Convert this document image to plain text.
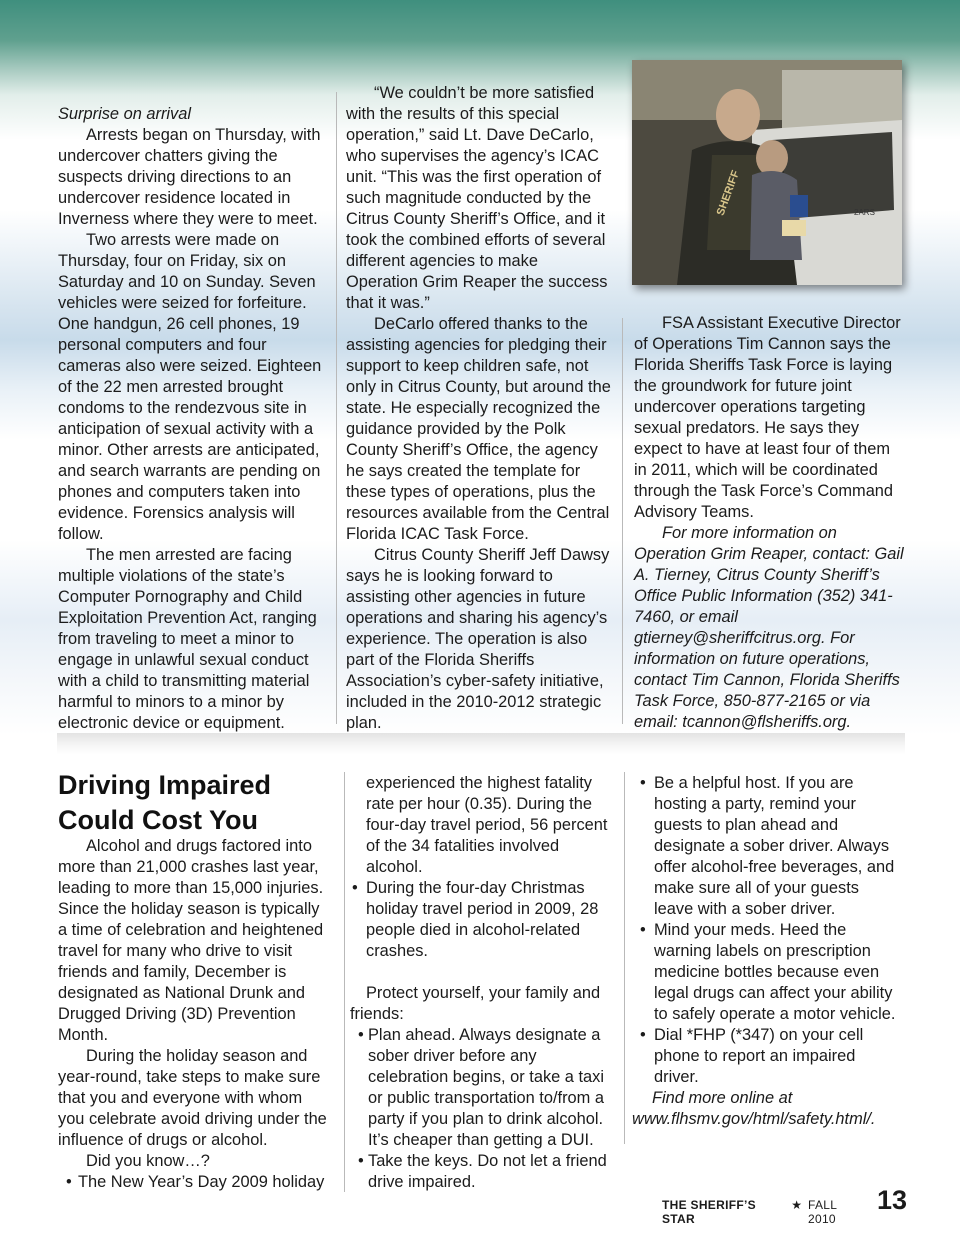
Surprise on arrival

Arrests began on Thursday, with undercover chatters giving the suspects driving directions to an undercover residence located in Inverness where they were to meet.

Two arrests were made on Thursday, four on Friday, six on Saturday and 10 on Sunday. Seven vehicles were seized for forfeiture. One handgun, 26 cell phones, 19 personal computers and four cameras also were seized. Eighteen of the 22 men arrested brought condoms to the rendezvous site in anticipation of sexual activity with a minor. Other arrests are anticipated, and search warrants are pending on phones and computers taken into evidence. Forensics analysis will follow.

The men arrested are facing multiple violations of the state’s Computer Pornography and Child Exploitation Prevention Act, ranging from traveling to meet a minor to engage in unlawful sexual conduct with a child to transmitting material harmful to minors to a minor by electronic device or equipment.

“We couldn’t be more satisfied with the results of this special operation,” said Lt. Dave DeCarlo, who supervises the agency’s ICAC unit. “This was the first operation of such magnitude conducted by the Citrus County Sheriff’s Office, and it took the combined efforts of several different agencies to make Operation Grim Reaper the success that it was.”

DeCarlo offered thanks to the assisting agencies for pledging their support to keep children safe, not only in Citrus County, but around the state. He especially recognized the guidance provided by the Polk County Sheriff’s Office, the agency he says created the template for these types of operations, plus the resources available from the Central Florida ICAC Task Force.

Citrus County Sheriff Jeff Dawsy says he is looking forward to assisting other agencies in future operations and sharing his agency’s experience. The operation is also part of the Florida Sheriffs Association’s cyber-safety initiative, included in the 2010-2012 strategic plan.

2ARS
SHERIFF

FSA Assistant Executive Director of Operations Tim Cannon says the Florida Sheriffs Task Force is laying the groundwork for future joint undercover operations targeting sexual predators. He says they expect to have at least four of them in 2011, which will be coordinated through the Task Force’s Command Advisory Teams.

For more information on Operation Grim Reaper, contact: Gail A. Tierney, Citrus County Sheriff’s Office Public Information (352) 341-7460, or email gtierney@sheriffcitrus.org. For information on future operations, contact Tim Cannon, Florida Sheriffs Task Force, 850-877-2165 or via email: tcannon@flsheriffs.org.

Driving Impaired Could Cost You

Alcohol and drugs factored into more than 21,000 crashes last year, leading to more than 15,000 injuries. Since the holiday season is typically a time of celebration and heightened travel for many who drive to visit friends and family, December is designated as National Drunk and Drugged Driving (3D) Prevention Month.

During the holiday season and year-round, take steps to make sure that you and everyone with whom you celebrate avoid driving under the influence of drugs or alcohol.

Did you know…?

• The New Year’s Day 2009 holiday

experienced the highest fatality rate per hour (0.35). During the four-day travel period, 56 percent of the 34 fatalities involved alcohol.

• During the four-day Christmas holiday travel period in 2009, 28 people died in alcohol-related crashes.

Protect yourself, your family and friends:

• Plan ahead. Always designate a sober driver before any celebration begins, or take a taxi or public transportation to/from a party if you plan to drink alcohol. It’s cheaper than getting a DUI.

• Take the keys. Do not let a friend drive impaired.

• Be a helpful host. If you are hosting a party, remind your guests to plan ahead and designate a sober driver. Always offer alcohol-free beverages, and make sure all of your guests leave with a sober driver.

• Mind your meds. Heed the warning labels on prescription medicine bottles because even legal drugs can affect your ability to safely operate a motor vehicle.

• Dial *FHP (*347) on your cell phone to report an impaired driver.

Find more online at www.flhsmv.gov/html/safety.html/.

THE SHERIFF’S STAR
★ FALL 2010
13
